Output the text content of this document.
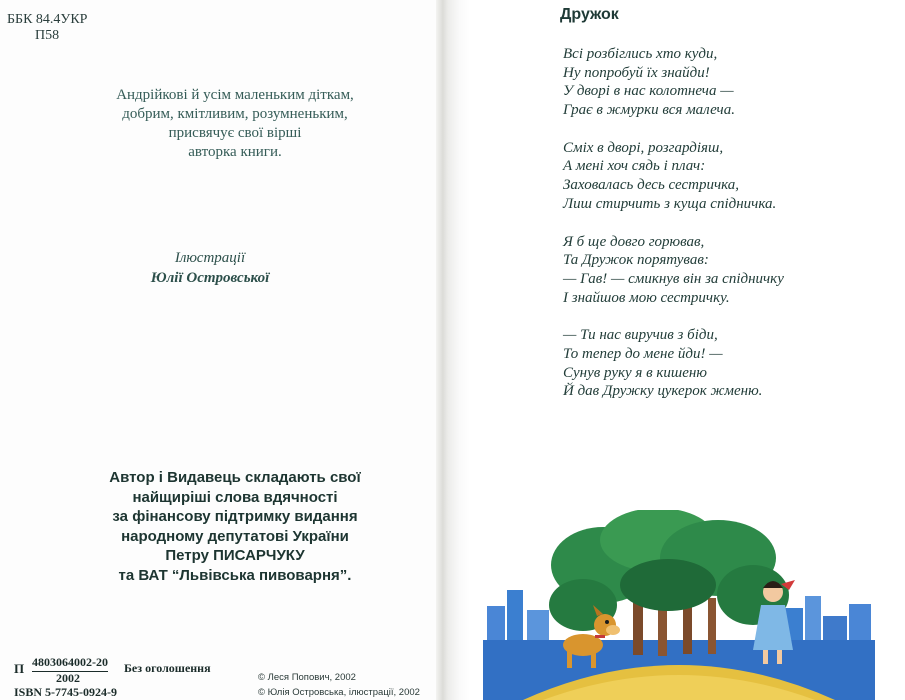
ББК 84.4УКР
П58
Андрійкові й усім маленьким діткам,
добрим, кмітливим, розумненьким,
присвячує свої вірші
авторка книги.
Ілюстрації
Юлії Островської
Автор і Видавець складають свої
найщиріші слова вдячності
за фінансову підтримку видання
народному депутатові України
Петру ПИСАРЧУКУ
та ВАТ “Львівська пивоварня”.
П 4803064002-20
2002
Без оголошення
ISBN 5-7745-0924-9
© Леся Попович, 2002
© Юлія Островська, ілюстрації, 2002
Дружок
Всі розбіглись хто куди,
Ну попробуй їх знайди!
У дворі в нас колотнеча —
Грає в жмурки вся малеча.
Сміх в дворі, розгардіяш,
А мені хоч сядь і плач:
Заховалась десь сестричка,
Лиш стирчить з куща спідничка.
Я б ще довго горював,
Та Дружок порятував:
— Гав! — смикнув він за спідничку
І знайшов мою сестричку.
— Ти нас виручив з біди,
То тепер до мене йди! —
Сунув руку я в кишеню
Й дав Дружку цукерок жменю.
